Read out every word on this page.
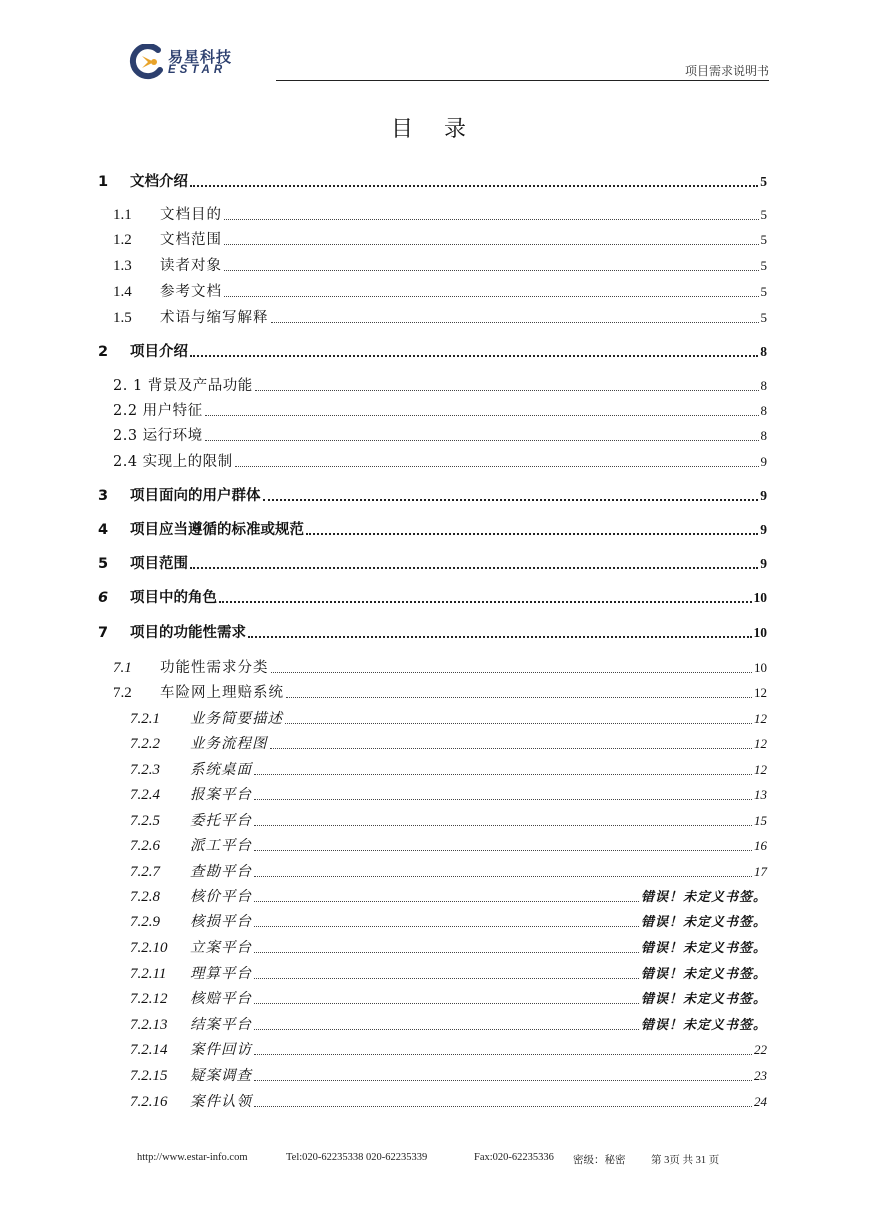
易星科技
ESTAR	项目需求说明书
目 录
1	文档介绍	5
1.1	文档目的	5
1.2	文档范围	5
1.3	读者对象	5
1.4	参考文档	5
1.5	术语与缩写解释	5
2	项目介绍	8
2. 1 背景及产品功能	8
2.2 用户特征	8
2.3 运行环境	8
2.4 实现上的限制	9
3	项目面向的用户群体	9
4	项目应当遵循的标准或规范	9
5	项目范围	9
6	项目中的角色	10
7	项目的功能性需求	10
7.1	功能性需求分类	10
7.2	车险网上理赔系统	12
7.2.1	业务简要描述	12
7.2.2	业务流程图	12
7.2.3	系统桌面	12
7.2.4	报案平台	13
7.2.5	委托平台	15
7.2.6	派工平台	16
7.2.7	查勘平台	17
7.2.8	核价平台	错误！未定义书签。
7.2.9	核损平台	错误！未定义书签。
7.2.10	立案平台	错误！未定义书签。
7.2.11	理算平台	错误！未定义书签。
7.2.12	核赔平台	错误！未定义书签。
7.2.13	结案平台	错误！未定义书签。
7.2.14	案件回访	22
7.2.15	疑案调查	23
7.2.16	案件认领	24
http://www.estar-info.com	Tel:020-62235338 020-62235339	Fax:020-62235336 密级：秘密 第 3页 共 31 页
